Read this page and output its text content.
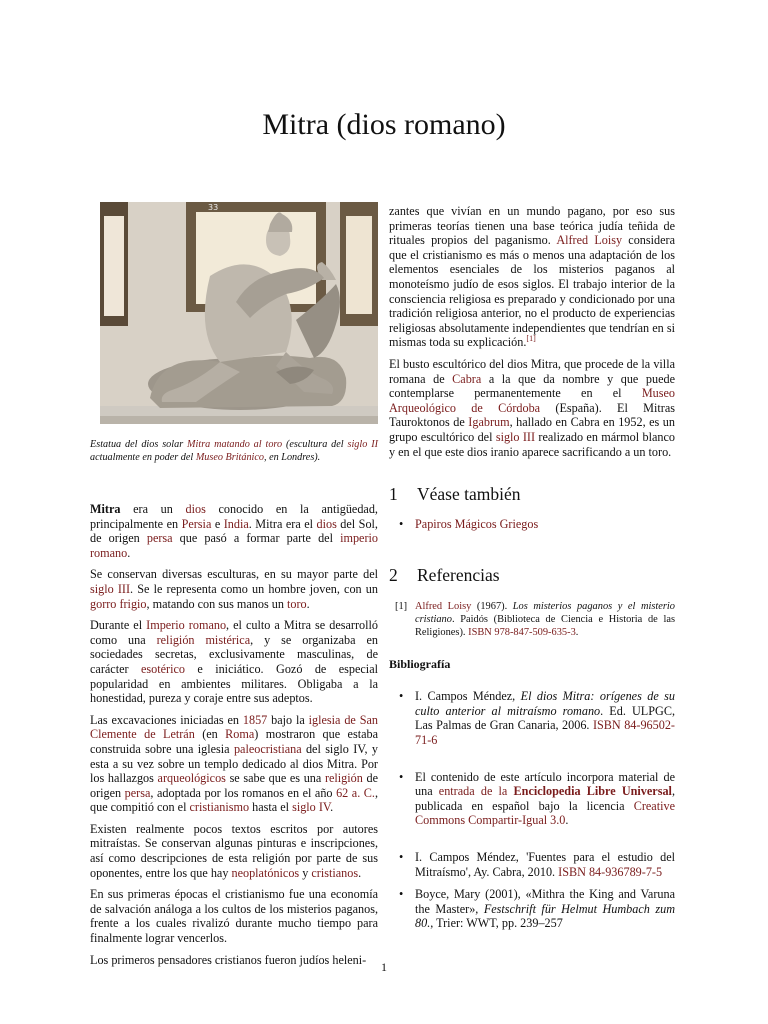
Mitra (dios romano)
33
Estatua del dios solar Mitra matando al toro (escultura del siglo II actualmente en poder del Museo Británico, en Londres).

Mitra era un dios conocido en la antigüedad, principalmente en Persia e India. Mitra era el dios del Sol, de origen persa que pasó a formar parte del imperio romano.

Se conservan diversas esculturas, en su mayor parte del siglo III. Se le representa como un hombre joven, con un gorro frigio, matando con sus manos un toro.

Durante el Imperio romano, el culto a Mitra se desarrolló como una religión mistérica, y se organizaba en sociedades secretas, exclusivamente masculinas, de carácter esotérico e iniciático. Gozó de especial popularidad en ambientes militares. Obligaba a la honestidad, pureza y coraje entre sus adeptos.

Las excavaciones iniciadas en 1857 bajo la iglesia de San Clemente de Letrán (en Roma) mostraron que estaba construida sobre una iglesia paleocristiana del siglo IV, y esta a su vez sobre un templo dedicado al dios Mitra. Por los hallazgos arqueológicos se sabe que es una religión de origen persa, adoptada por los romanos en el año 62 a. C., que compitió con el cristianismo hasta el siglo IV.

Existen realmente pocos textos escritos por autores mitraístas. Se conservan algunas pinturas e inscripciones, así como descripciones de esta religión por parte de sus oponentes, entre los que hay neoplatónicos y cristianos.

En sus primeras épocas el cristianismo fue una economía de salvación análoga a los cultos de los misterios paganos, frente a los cuales rivalizó durante mucho tiempo para finalmente lograr vencerlos.

Los primeros pensadores cristianos fueron judíos heleni-

zantes que vivían en un mundo pagano, por eso sus primeras teorías tienen una base teórica judía teñida de rituales propios del paganismo. Alfred Loisy considera que el cristianismo es más o menos una adaptación de los elementos esenciales de los misterios paganos al monoteísmo judío de esos siglos. El trabajo interior de la consciencia religiosa es preparado y condicionado por una tradición religiosa anterior, no el producto de experiencias religiosas absolutamente independientes que tendrían en si mismas toda su explicación.[1]

El busto escultórico del dios Mitra, que procede de la villa romana de Cabra a la que da nombre y que puede contemplarse permanentemente en el Museo Arqueológico de Córdoba (España). El Mitras Tauroktonos de Igabrum, hallado en Cabra en 1952, es un grupo escultórico del siglo III realizado en mármol blanco y en el que este dios iranio aparece sacrificando a un toro.

1 Véase también
• Papiros Mágicos Griegos
2 Referencias
[1] Alfred Loisy (1967). Los misterios paganos y el misterio cristiano. Paidós (Biblioteca de Ciencia e Historia de las Religiones). ISBN 978-847-509-635-3.
Bibliografía
• I. Campos Méndez, El dios Mitra: orígenes de su culto anterior al mitraísmo romano. Ed. ULPGC, Las Palmas de Gran Canaria, 2006. ISBN 84-96502-71-6
• El contenido de este artículo incorpora material de una entrada de la Enciclopedia Libre Universal, publicada en español bajo la licencia Creative Commons Compartir-Igual 3.0.
• I. Campos Méndez, 'Fuentes para el estudio del Mitraísmo', Ay. Cabra, 2010. ISBN 84-936789-7-5
• Boyce, Mary (2001), «Mithra the King and Varuna the Master», Festschrift für Helmut Humbach zum 80., Trier: WWT, pp. 239–257
1
